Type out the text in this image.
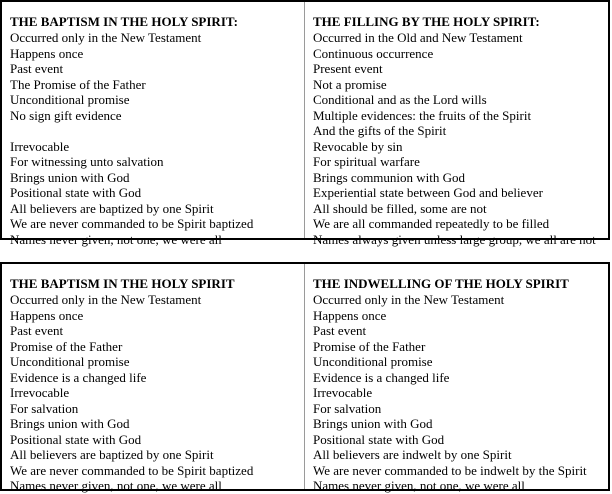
THE BAPTISM IN THE HOLY SPIRIT:

Occurred only in the New Testament

Happens once

Past event

The Promise of the Father

Unconditional promise

No sign gift evidence

Irrevocable

For witnessing unto salvation

Brings union with God

Positional state with God

All believers are baptized by one Spirit

We are never commanded to be Spirit baptized

Names never given, not one, we were all

THE FILLING BY THE HOLY SPIRIT:

Occurred in the Old and New Testament

Continuous occurrence

Present event

Not a promise

Conditional and as the Lord wills

Multiple evidences: the fruits of the Spirit

And the gifts of the Spirit

Revocable by sin

For spiritual warfare

Brings communion with God

Experiential state between God and believer

All should be filled, some are not

We are all commanded repeatedly to be filled

Names always given unless large group, we all are not

THE BAPTISM IN THE HOLY SPIRIT

Occurred only in the New Testament

Happens once

Past event

Promise of the Father

Unconditional promise

Evidence is a changed life

Irrevocable

For salvation

Brings union with God

Positional state with God

All believers are baptized by one Spirit

We are never commanded to be Spirit baptized

Names never given, not one, we were all

THE INDWELLING OF THE HOLY SPIRIT

Occurred only in the New Testament

Happens once

Past event

Promise of the Father

Unconditional promise

Evidence is a changed life

Irrevocable

For salvation

Brings union with God

Positional state with God

All believers are indwelt by one Spirit

We are never commanded to be indwelt by the Spirit

Names never given, not one, we were all
